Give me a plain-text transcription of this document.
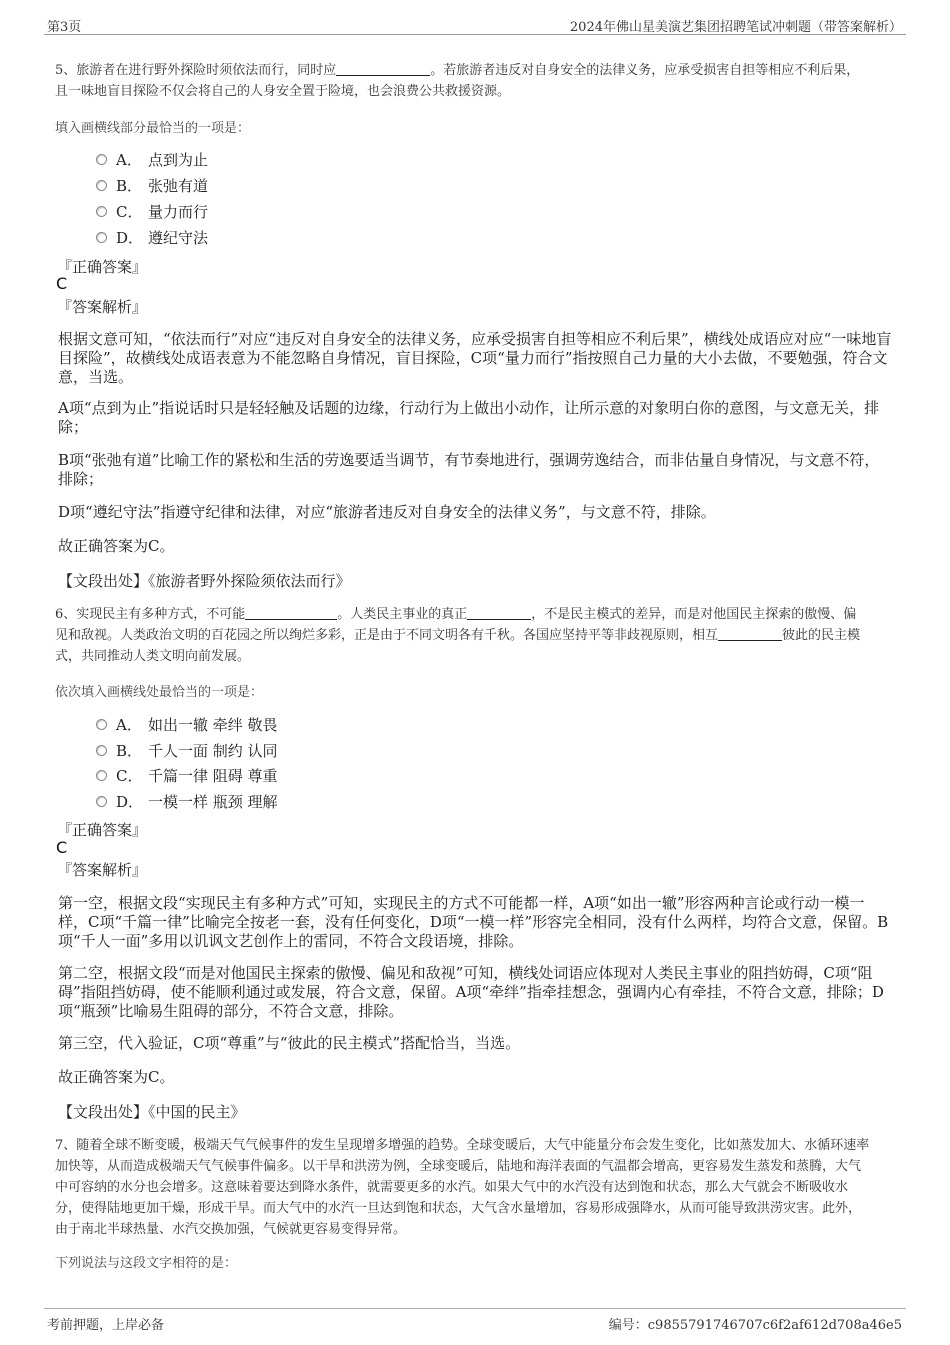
第3页	2024年佛山星美演艺集团招聘笔试冲刺题（带答案解析）
5、旅游者在进行野外探险时须依法而行，同时应	。若旅游者违反对自身安全的法律义务，应承受损害自担等相应不利后果，
且一味地盲目探险不仅会将自己的人身安全置于险境，也会浪费公共救援资源。
填入画横线部分最恰当的一项是：
A． 点到为止
B． 张弛有道
C． 量力而行
D． 遵纪守法
『正确答案』
C
『答案解析』
根据文意可知，“依法而行”对应“违反对自身安全的法律义务，应承受损害自担等相应不利后果”，横线处成语应对应“一味地盲目探险”，故横线处成语表意为不能忽略自身情况，盲目探险，C项“量力而行”指按照自己力量的大小去做，不要勉强，符合文意，当选。
A项“点到为止”指说话时只是轻轻触及话题的边缘，行动行为上做出小动作，让所示意的对象明白你的意图，与文意无关，排除；
B项“张弛有道”比喻工作的紧松和生活的劳逸要适当调节，有节奏地进行，强调劳逸结合，而非估量自身情况，与文意不符，排除；
D项“遵纪守法”指遵守纪律和法律，对应“旅游者违反对自身安全的法律义务”，与文意不符，排除。
故正确答案为C。
【文段出处】《旅游者野外探险须依法而行》
6、实现民主有多种方式，不可能	。人类民主事业的真正	，不是民主模式的差异，而是对他国民主探索的傲慢、偏
见和敌视。人类政治文明的百花园之所以绚烂多彩，正是由于不同文明各有千秋。各国应坚持平等非歧视原则，相互	彼此的民主模
式，共同推动人类文明向前发展。
依次填入画横线处最恰当的一项是：
A． 如出一辙 牵绊 敬畏
B． 千人一面 制约 认同
C． 千篇一律 阻碍 尊重
D． 一模一样 瓶颈 理解
『正确答案』
C
『答案解析』
第一空，根据文段“实现民主有多种方式”可知，实现民主的方式不可能都一样，A项“如出一辙”形容两种言论或行动一模一样，C项“千篇一律”比喻完全按老一套，没有任何变化，D项“一模一样”形容完全相同，没有什么两样，均符合文意，保留。B项“千人一面”多用以讥讽文艺创作上的雷同，不符合文段语境，排除。
第二空，根据文段“而是对他国民主探索的傲慢、偏见和敌视”可知，横线处词语应体现对人类民主事业的阻挡妨碍，C项“阻碍”指阻挡妨碍，使不能顺利通过或发展，符合文意，保留。A项“牵绊”指牵挂想念，强调内心有牵挂，不符合文意，排除；D项“瓶颈”比喻易生阻碍的部分，不符合文意，排除。
第三空，代入验证，C项“尊重”与“彼此的民主模式”搭配恰当，当选。
故正确答案为C。
【文段出处】《中国的民主》
7、随着全球不断变暖，极端天气气候事件的发生呈现增多增强的趋势。全球变暖后，大气中能量分布会发生变化，比如蒸发加大、水循环速率
加快等，从而造成极端天气气候事件偏多。以干旱和洪涝为例，全球变暖后，陆地和海洋表面的气温都会增高，更容易发生蒸发和蒸腾，大气
中可容纳的水分也会增多。这意味着要达到降水条件，就需要更多的水汽。如果大气中的水汽没有达到饱和状态，那么大气就会不断吸收水
分，使得陆地更加干燥，形成干旱。而大气中的水汽一旦达到饱和状态，大气含水量增加，容易形成强降水，从而可能导致洪涝灾害。此外，
由于南北半球热量、水汽交换加强，气候就更容易变得异常。
下列说法与这段文字相符的是：
考前押题，上岸必备	编号：c9855791746707c6f2af612d708a46e5
